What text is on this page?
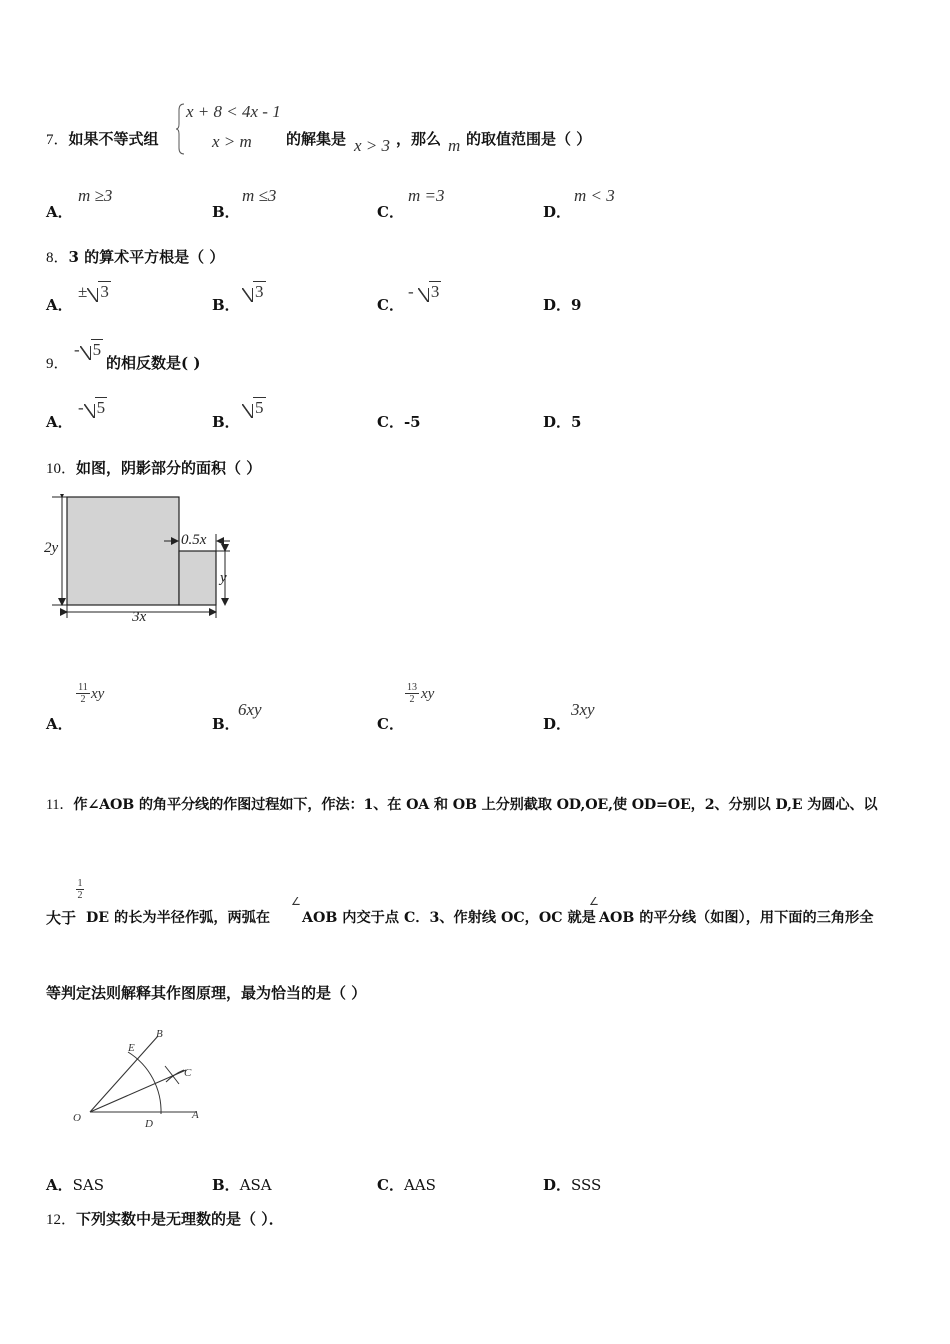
7．如果不等式组
x + 8 < 4x - 1
x > m 的解集是 x > 3 ，那么 m 的取值范围是（ ）
A．
m ≥3
B．
m ≤3
C．
m =3
D．
m < 3
8．3 的算术平方根是（ ）
A．
± 3
B．
3
C．
- 3
D．9
9．
- 5
的相反数是( )
A．
- 5
B．
5
C．-5	D．5
10．如图，阴影部分的面积（ ）
2y
3x
0.5x
y
A．
11
2 xy
B．
6xy
C．
13
2 xy
D．
3xy
11．作∠AOB 的角平分线的作图过程如下，作法：1、在 OA 和 OB 上分别截取 OD,OE,使 OD=OE，2、分别以 D,E 为圆心、以
1
2
大于 DE 的长为半径作弧，两弧在
∠
AOB 内交于点 C．3、作射线 OC，OC 就是
∠
AOB 的平分线（如图），用下面的三角形全
等判定法则解释其作图原理，最为恰当的是（ ）
O	A
B
C
D
E
A．SAS	B．ASA	C．AAS	D．SSS
12．下列实数中是无理数的是（ ）．
